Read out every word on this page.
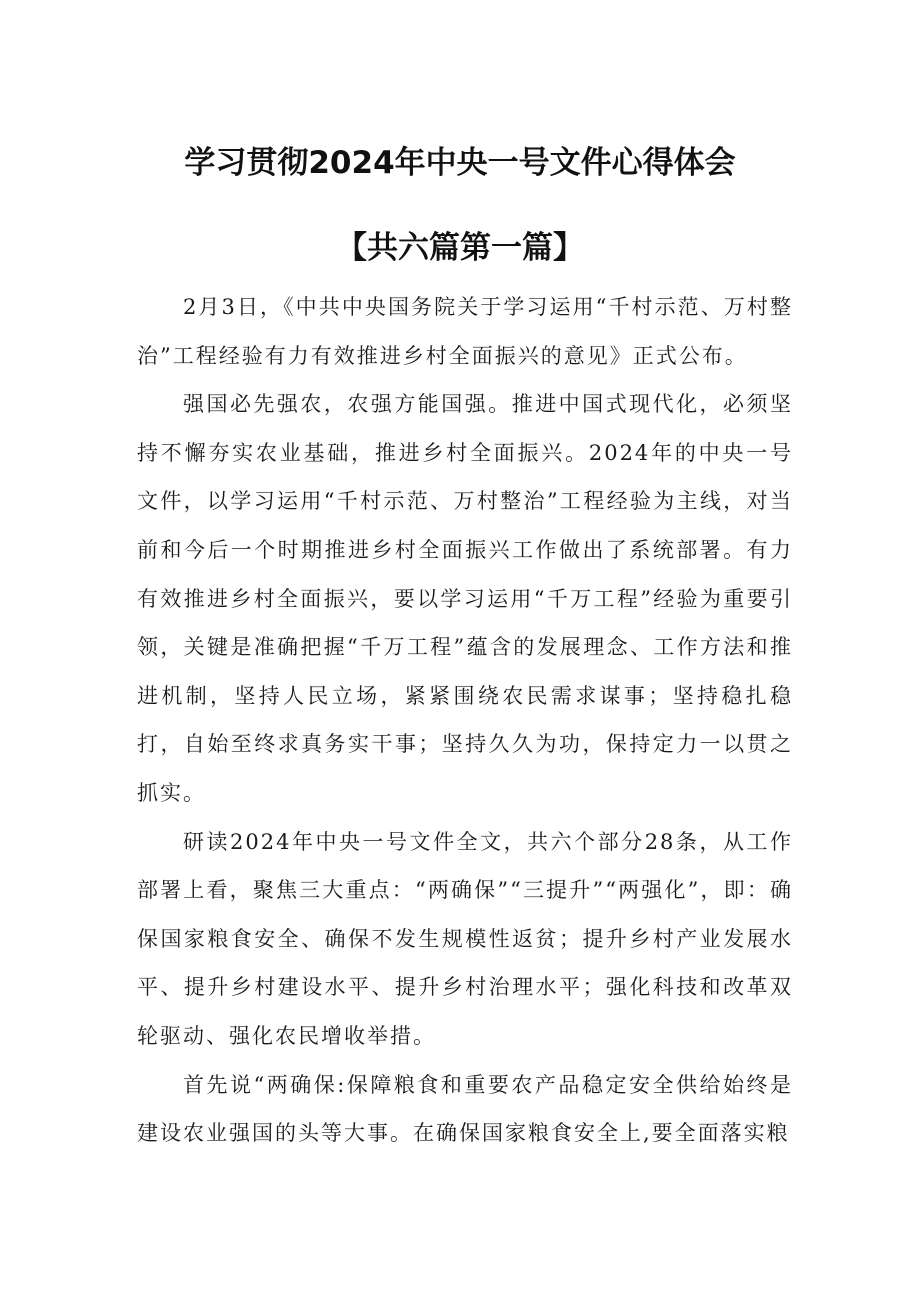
学习贯彻2024年中央一号文件心得体会
【共六篇第一篇】

2月3日，《中共中央国务院关于学习运用“千村示范、万村整治”工程经验有力有效推进乡村全面振兴的意见》正式公布。

强国必先强农，农强方能国强。推进中国式现代化，必须坚持不懈夯实农业基础，推进乡村全面振兴。2024年的中央一号文件，以学习运用“千村示范、万村整治”工程经验为主线，对当前和今后一个时期推进乡村全面振兴工作做出了系统部署。有力有效推进乡村全面振兴，要以学习运用“千万工程”经验为重要引领，关键是准确把握“千万工程”蕴含的发展理念、工作方法和推进机制，坚持人民立场，紧紧围绕农民需求谋事；坚持稳扎稳打，自始至终求真务实干事；坚持久久为功，保持定力一以贯之抓实。

研读2024年中央一号文件全文，共六个部分28条，从工作部署上看，聚焦三大重点：“两确保”“三提升”“两强化”，即：确保国家粮食安全、确保不发生规模性返贫；提升乡村产业发展水平、提升乡村建设水平、提升乡村治理水平；强化科技和改革双轮驱动、强化农民增收举措。

首先说“两确保:保障粮食和重要农产品稳定安全供给始终是建设农业强国的头等大事。在确保国家粮食安全上,要全面落实粮
